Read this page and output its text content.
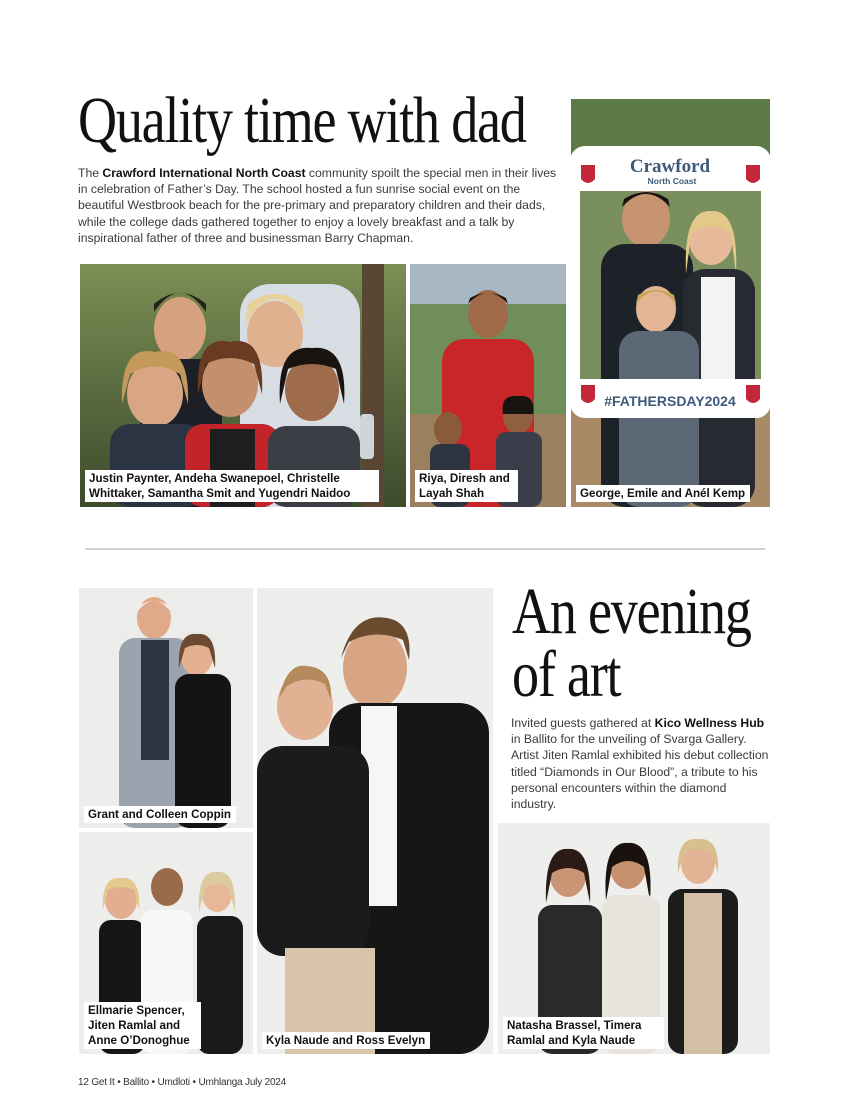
Quality time with dad

The Crawford International North Coast community spoilt the special men in their lives in celebration of Father’s Day. The school hosted a fun sunrise social event on the beautiful Westbrook beach for the pre-primary and preparatory children and their dads, while the college dads gathered together to enjoy a lovely breakfast and a talk by inspirational father of three and businessman Barry Chapman.

Justin Paynter, Andeha Swanepoel, Christelle Whittaker, Samantha Smit and Yugendri Naidoo
Riya, Diresh and Layah Shah
Crawford
North Coast
#FATHERSDAY2024
George, Emile and Anél Kemp
An evening
of art

Invited guests gathered at Kico Wellness Hub in Ballito for the unveiling of Svarga Gallery. Artist Jiten Ramlal exhibited his debut collection titled “Diamonds in Our Blood”, a tribute to his personal encounters within the diamond industry.

Grant and Colleen Coppin
Ellmarie Spencer, Jiten Ramlal and Anne O’Donoghue	Kyla Naude and Ross Evelyn
Natasha Brassel, Timera Ramlal and Kyla Naude
12 Get It • Ballito • Umdloti • Umhlanga July 2024
